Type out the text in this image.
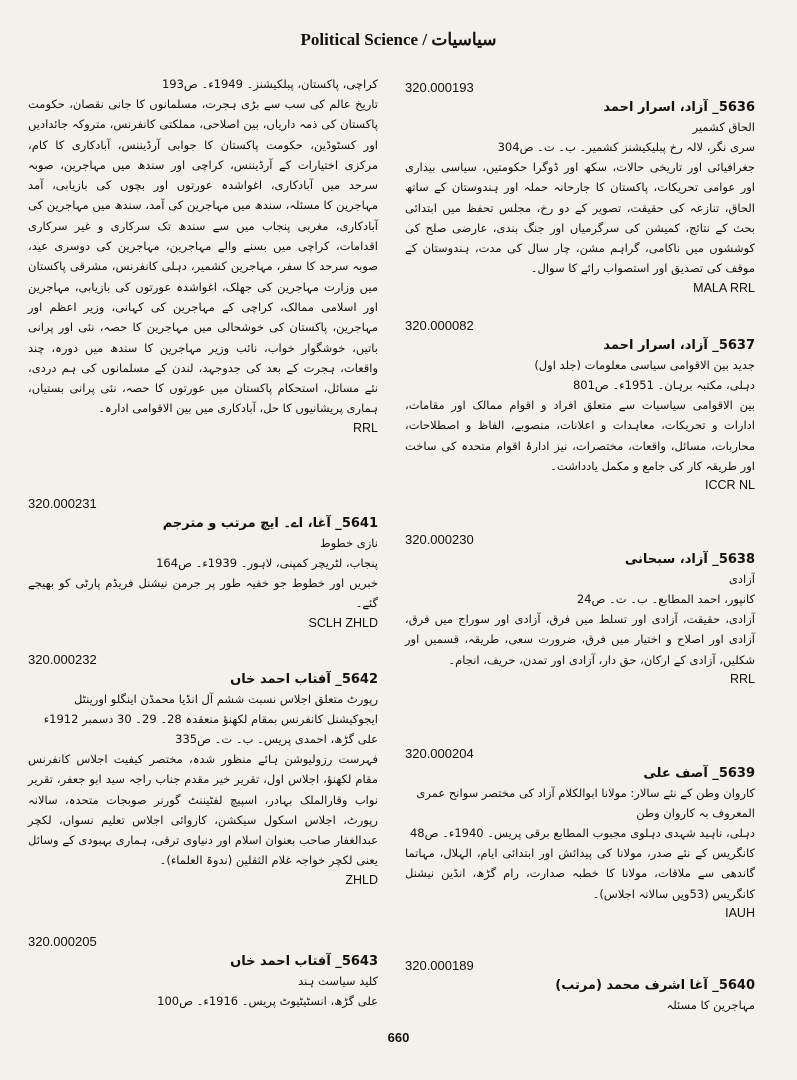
Political Science / سیاسیات
320.000193
5636_ آزاد، اسرار احمد
الحاق کشمیر
سری نگر، لالہ رخ پبلیکیشنز کشمیر۔ ب۔ ت۔ ص304
جغرافیائی اور تاریخی حالات، سکھ اور ڈوگرا حکومتیں، سیاسی بیداری اور عوامی تحریکات، پاکستان کا جارحانہ حملہ اور ہندوستان کے ساتھ الحاق، تنازعہ کی حقیقت، تصویر کے دو رخ، مجلس تحفظ میں ابتدائی بحث کے نتائج، کمیشن کی سرگرمیاں اور جنگ بندی، عارضی صلح کی کوششوں میں ناکامی، گراہم مشن، چار سال کی مدت، ہندوستان کے موقف کی تصدیق اور استصواب رائے کا سوال۔
MALA RRL
320.000082
5637_ آزاد، اسرار احمد
جدید بین الاقوامی سیاسی معلومات (جلد اول)
دہلی، مکتبہ برہان۔ 1951ء۔ ص801
بین الاقوامی سیاسیات سے متعلق افراد و اقوام ممالک اور مقامات، ادارات و تحریکات، معاہدات و اعلانات، منصوبے، الفاظ و اصطلاحات، محاربات، مسائل، واقعات، مختصرات، نیز ادارۂ اقوام متحدہ کی ساخت اور طریقہ کار کی جامع و مکمل یادداشت۔
ICCR NL
320.000230
5638_ آزاد، سبحانی
آزادی
کانپور، احمد المطابع۔ ب۔ ت۔ ص24
آزادی، حقیقت، آزادی اور تسلط میں فرق، آزادی اور سوراج میں فرق، آزادی اور اصلاح و اختیار میں فرق، ضرورت سعی، طریقہ، قسمیں اور شکلیں، آزادی کے ارکان، حق دار، آزادی اور تمدن، حریف، انجام۔
RRL
320.000204
5639_ آصف علی
کاروان وطن کے نئے سالار: مولانا ابوالکلام آزاد کی مختصر سوانح عمری
المعروف بہ کاروان وطن
دہلی، ناہید شہدی دہلوی مجبوب المطابع برقی پریس۔ 1940ء۔ ص48
کانگریس کے نئے صدر، مولانا کی پیدائش اور ابتدائی ایام، الہلال، مہاتما گاندھی سے ملاقات، مولانا کا خطبہ صدارت، رام گڑھ، انڈین نیشنل کانگریس (53ویں سالانہ اجلاس)۔
IAUH
320.000189
5640_ آغا اشرف محمد (مرتب)
مہاجرین کا مسئلہ
کراچی، پاکستان، پبلکیشنز۔ 1949ء۔ ص193
تاریخ عالم کی سب سے بڑی ہجرت، مسلمانوں کا جانی نقصان، حکومت پاکستان کی ذمہ داریاں، بین اصلاحی، مملکتی کانفرنس، متروکہ جائدادیں اور کسٹوڈین، حکومت پاکستان کا جوابی آرڈیننس، آبادکاری کا کام، مرکزی اختیارات کے آرڈیننس، کراچی اور سندھ میں مہاجرین، صوبہ سرحد میں آبادکاری، اغواشدہ عورتوں اور بچوں کی بازیابی، آمد مہاجرین کا مسئلہ، سندھ میں مہاجرین کی آمد، سندھ میں مہاجرین کی آبادکاری، مغربی پنجاب میں سے سندھ تک سرکاری و غیر سرکاری اقدامات، کراچی میں بسنے والے مہاجرین، مہاجرین کی دوسری عید، صوبہ سرحد کا سفر، مہاجرین کشمیر، دہلی کانفرنس، مشرقی پاکستان میں وزارت مہاجرین کی جھلک، اغواشدہ عورتوں کی بازیابی، مہاجرین اور اسلامی ممالک، کراچی کے مہاجرین کی کہانی، وزیر اعظم اور مہاجرین، پاکستان کی خوشحالی میں مہاجرین کا حصہ، نئی اور پرانی باتیں، خوشگوار خواب، نائب وزیر مہاجرین کا سندھ میں دورہ، چند واقعات، ہجرت کے بعد کی جدوجہد، لندن کے مسلمانوں کی ہم دردی، نئے مسائل، استحکام پاکستان میں عورتوں کا حصہ، نئی پرانی بستیاں، ہماری پریشانیوں کا حل، آبادکاری میں بین الاقوامی ادارہ۔
RRL
320.000231
5641_ آغا، اے۔ ایچ مرتب و مترجم
نازی خطوط
پنجاب، لٹریچر کمپنی، لاہور۔ 1939ء۔ ص164
خبریں اور خطوط جو خفیہ طور پر جرمن نیشنل فریڈم پارٹی کو بھیجے گئے۔
SCLH ZHLD
320.000232
5642_ آفتاب احمد خاں
رپورٹ متعلق اجلاس نسبت ششم آل انڈیا محمڈن اینگلو اورینٹل
ایجوکیشنل کانفرنس بمقام لکھنؤ منعقدہ 28۔ 29۔ 30 دسمبر 1912ء
علی گڑھ، احمدی پریس۔ ب۔ ت۔ ص335
فہرست رزولیوشن ہائے منظور شدہ، مختصر کیفیت اجلاس کانفرنس مقام لکھنؤ، اجلاس اول، تقریر خیر مقدم جناب راجہ سید ابو جعفر، تقریر نواب وقارالملک بہادر، اسپیچ لفٹیننٹ گورنر صوبجات متحدہ، سالانہ رپورٹ، اجلاس اسکول سیکشن، کاروائی اجلاس تعلیم نسواں، لکچر عبدالغفار صاحب بعنوان اسلام اور دنیاوی ترقی، ہماری بہبودی کے وسائل یعنی لکچر خواجہ غلام الثقلین (ندوۃ العلماء)۔
ZHLD
320.000205
5643_ آفتاب احمد خاں
کلید سیاست ہند
علی گڑھ، انسٹیٹیوٹ پریس۔ 1916ء۔ ص100
660
